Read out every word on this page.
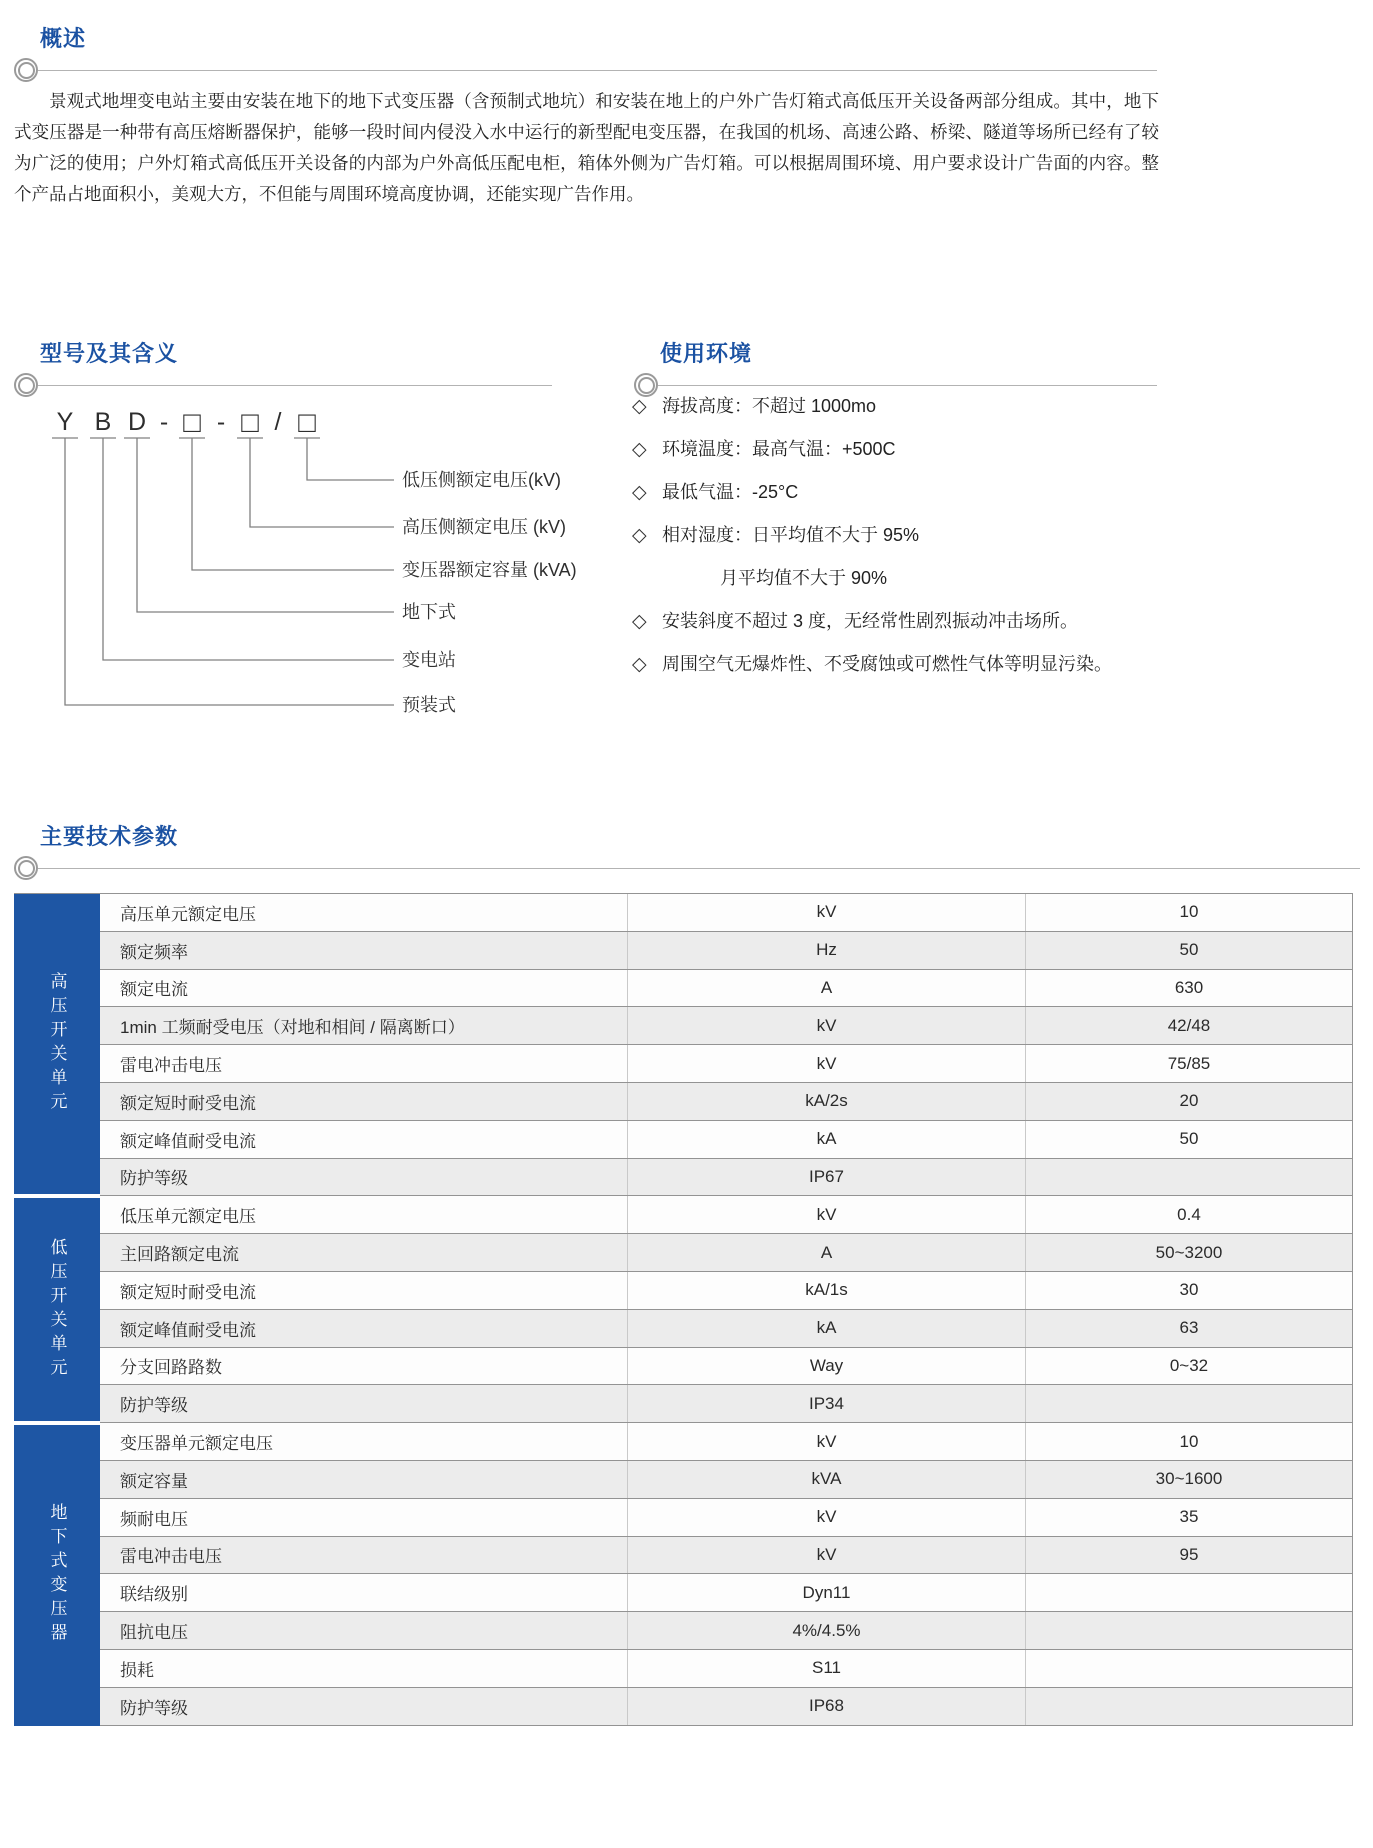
概述

景观式地埋变电站主要由安装在地下的地下式变压器（含预制式地坑）和安装在地上的户外广告灯箱式高低压开关设备两部分组成。其中，地下式变压器是一种带有高压熔断器保护，能够一段时间内侵没入水中运行的新型配电变压器，在我国的机场、高速公路、桥梁、隧道等场所已经有了较为广泛的使用；户外灯箱式高低压开关设备的内部为户外高低压配电柜，箱体外侧为广告灯箱。可以根据周围环境、用户要求设计广告面的内容。整个产品占地面积小，美观大方，不但能与周围环境高度协调，还能实现广告作用。

型号及其含义
Y B D - □ - □ / □
低压侧额定电压(kV)
高压侧额定电压 (kV)
变压器额定容量 (kVA)
地下式
变电站
预装式
使用环境
◇ 海拔高度：不超过 1000mo
◇ 环境温度：最高气温：+500C
◇ 最低气温：-25°C
◇ 相对湿度：日平均值不大于 95%
月平均值不大于 90%
◇ 安装斜度不超过 3 度，无经常性剧烈振动冲击场所。
◇ 周围空气无爆炸性、不受腐蚀或可燃性气体等明显污染。
主要技术参数
高压开关单元
高压单元额定电压	kV	10
额定频率	Hz	50
额定电流	A	630
1min 工频耐受电压（对地和相间 / 隔离断口）	kV	42/48
雷电冲击电压	kV	75/85
额定短时耐受电流	kA/2s	20
额定峰值耐受电流	kA	50
防护等级	IP67
低压开关单元
低压单元额定电压	kV	0.4
主回路额定电流	A	50~3200
额定短时耐受电流	kA/1s	30
额定峰值耐受电流	kA	63
分支回路路数	Way	0~32
防护等级	IP34
地下式变压器
变压器单元额定电压	kV	10
额定容量	kVA	30~1600
频耐电压	kV	35
雷电冲击电压	kV	95
联结级别	Dyn11
阻抗电压	4%/4.5%
损耗	S11
防护等级	IP68
